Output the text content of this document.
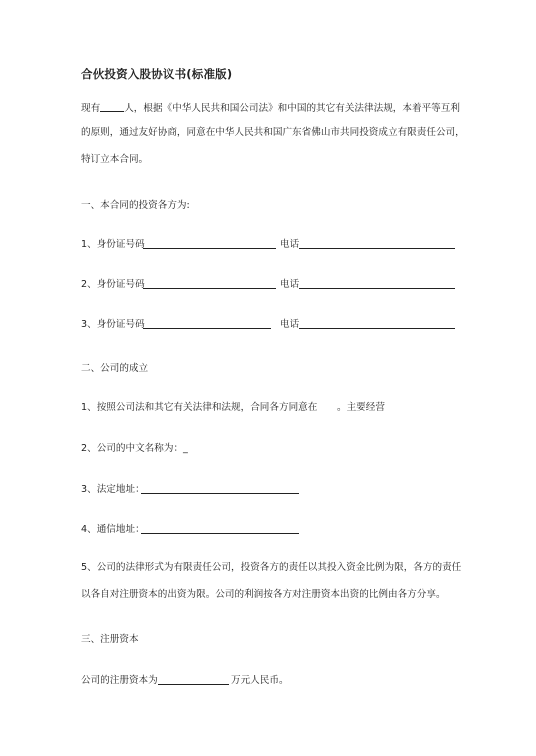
合伙投资入股协议书(标准版)
现有	人，根据《中华人民共和国公司法》和中国的其它有关法律法规，本着平等互利
的原则，通过友好协商，同意在中华人民共和国广东省佛山市共同投资成立有限责任公司，
特订立本合同。
一、本合同的投资各方为:
1、身份证号码	电话
2、身份证号码	电话
3、身份证号码	电话
二、公司的成立
1、按照公司法和其它有关法律和法规，合同各方同意在 。主要经营
2、公司的中文名称为：_
3、法定地址：
4、通信地址：
5、公司的法律形式为有限责任公司，投资各方的责任以其投入资金比例为限，各方的责任
以各自对注册资本的出资为限。公司的利润按各方对注册资本出资的比例由各方分享。
三、注册资本
公司的注册资本为	万元人民币。
